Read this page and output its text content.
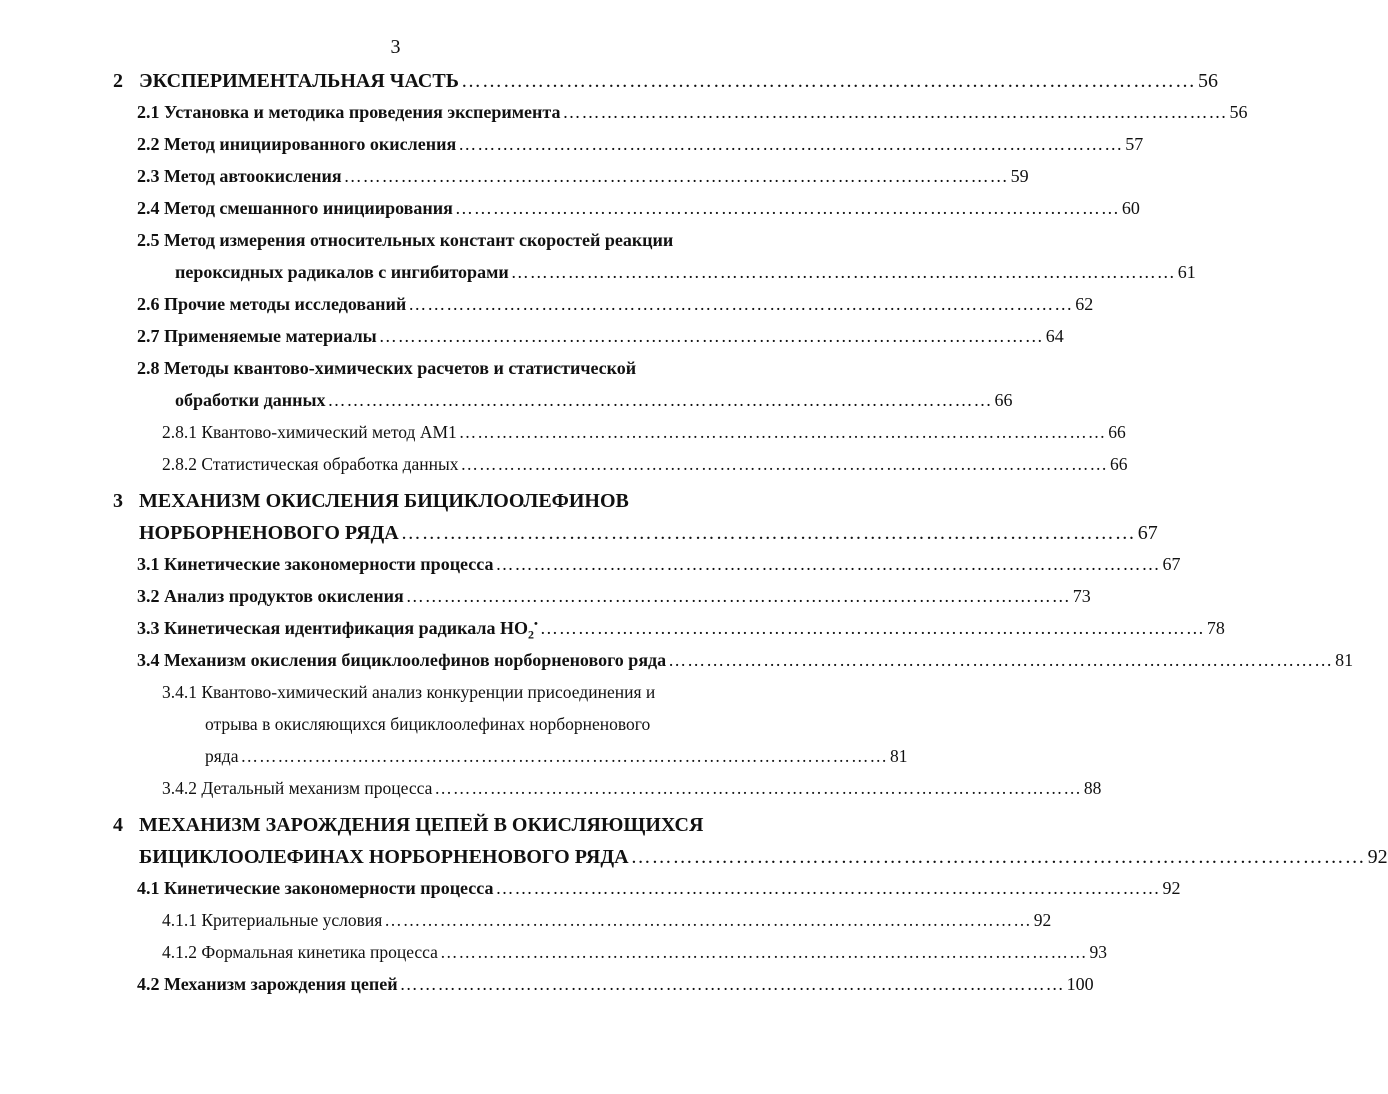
3
2 ЭКСПЕРИМЕНТАЛЬНАЯ ЧАСТЬ …………………………………………………………………………………………… 56
2.1 Установка и методика проведения эксперимента …………………………………………………………………………………………… 56
2.2 Метод инициированного окисления …………………………………………………………………………………………… 57
2.3 Метод автоокисления …………………………………………………………………………………………… 59
2.4 Метод смешанного инициирования …………………………………………………………………………………………… 60
2.5 Метод измерения относительных констант скоростей реакции
пероксидных радикалов с ингибиторами …………………………………………………………………………………………… 61
2.6 Прочие методы исследований …………………………………………………………………………………………… 62
2.7 Применяемые материалы …………………………………………………………………………………………… 64
2.8 Методы квантово-химических расчетов и статистической
обработки данных …………………………………………………………………………………………… 66
2.8.1 Квантово-химический метод АМ1 …………………………………………………………………………………………… 66
2.8.2 Статистическая обработка данных …………………………………………………………………………………………… 66
3 МЕХАНИЗМ ОКИСЛЕНИЯ БИЦИКЛООЛЕФИНОВ
НОРБОРНЕНОВОГО РЯДА …………………………………………………………………………………………… 67
3.1 Кинетические закономерности процесса …………………………………………………………………………………………… 67
3.2 Анализ продуктов окисления …………………………………………………………………………………………… 73
3.3 Кинетическая идентификация радикала $НО_2^•$ …………………………………………………………………………………………… 78
3.4 Механизм окисления бициклоолефинов норборненового ряда …………………………………………………………………………………………… 81
3.4.1 Квантово-химический анализ конкуренции присоединения и
отрыва в окисляющихся бициклоолефинах норборненового
ряда …………………………………………………………………………………………… 81
3.4.2 Детальный механизм процесса …………………………………………………………………………………………… 88
4 МЕХАНИЗМ ЗАРОЖДЕНИЯ ЦЕПЕЙ В ОКИСЛЯЮЩИХСЯ
БИЦИКЛООЛЕФИНАХ НОРБОРНЕНОВОГО РЯДА …………………………………………………………………………………………… 92
4.1 Кинетические закономерности процесса …………………………………………………………………………………………… 92
4.1.1 Критериальные условия …………………………………………………………………………………………… 92
4.1.2 Формальная кинетика процесса …………………………………………………………………………………………… 93
4.2 Механизм зарождения цепей …………………………………………………………………………………………… 100
